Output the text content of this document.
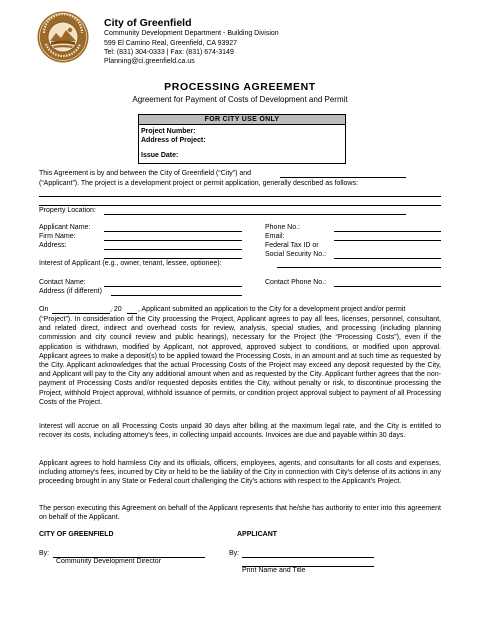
City of Greenfield
Community Development Department - Building Division
599 El Camino Real, Greenfield, CA 93927
Tel: (831) 304-0333 | Fax: (831) 674-3149
Planning@ci.greenfield.ca.us
PROCESSING AGREEMENT
Agreement for Payment of Costs of Development and Permit
FOR CITY USE ONLY
Project Number:
Address of Project:
Issue Date:
This Agreement is by and between the City of Greenfield (“City”) and
(“Applicant”). The project is a development project or permit application, generally described as follows:
Property Location:
Applicant Name:
Firm Name:
Address:
Phone No.:
Email:
Federal Tax ID or
Social Security No.:
Interest of Applicant (e.g., owner, tenant, lessee, optionee):
Contact Name:	Contact Phone No.:
Address (if different)
On	, 20 , Applicant submitted an application to the City for a development project and/or permit
(“Project”). In consideration of the City processing the Project, Applicant agrees to pay all fees, licenses, personnel, consultant, and related direct, indirect and overhead costs for review, analysis, special studies, and processing (including planning commission and city council review and public hearings), necessary for the Project (the “Processing Costs”), even if the application is withdrawn, modified by Applicant, not approved, approved subject to conditions, or modified upon approval. Applicant agrees to make a deposit(s) to be applied toward the Processing Costs, in an amount and at such time as requested by the City. Applicant acknowledges that the actual Processing Costs of the Project may exceed any deposit requested by the City, and Applicant will pay to the City any additional amount when and as requested by the City. Applicant further agrees that the non-payment of Processing Costs and/or requested deposits entitles the City, without penalty or risk, to discontinue processing the Project, withhold Project approval, withhold issuance of permits, or condition project approval subject to payment of all Processing Costs of the Project.
Interest will accrue on all Processing Costs unpaid 30 days after billing at the maximum legal rate, and the City is entitled to recover its costs, including attorney's fees, in collecting unpaid accounts. Invoices are due and payable within 30 days.
Applicant agrees to hold harmless City and its officials, officers, employees, agents, and consultants for all costs and expenses, including attorney's fees, incurred by City or held to be the liability of the City in connection with City's defense of its actions in any proceeding brought in any State or Federal court challenging the City's actions with respect to the Applicant's Project.
The person executing this Agreement on behalf of the Applicant represents that he/she has authority to enter into this agreement on behalf of the Applicant.
CITY OF GREENFIELD	APPLICANT
By:
Community Development Director
By:
Print Name and Title
